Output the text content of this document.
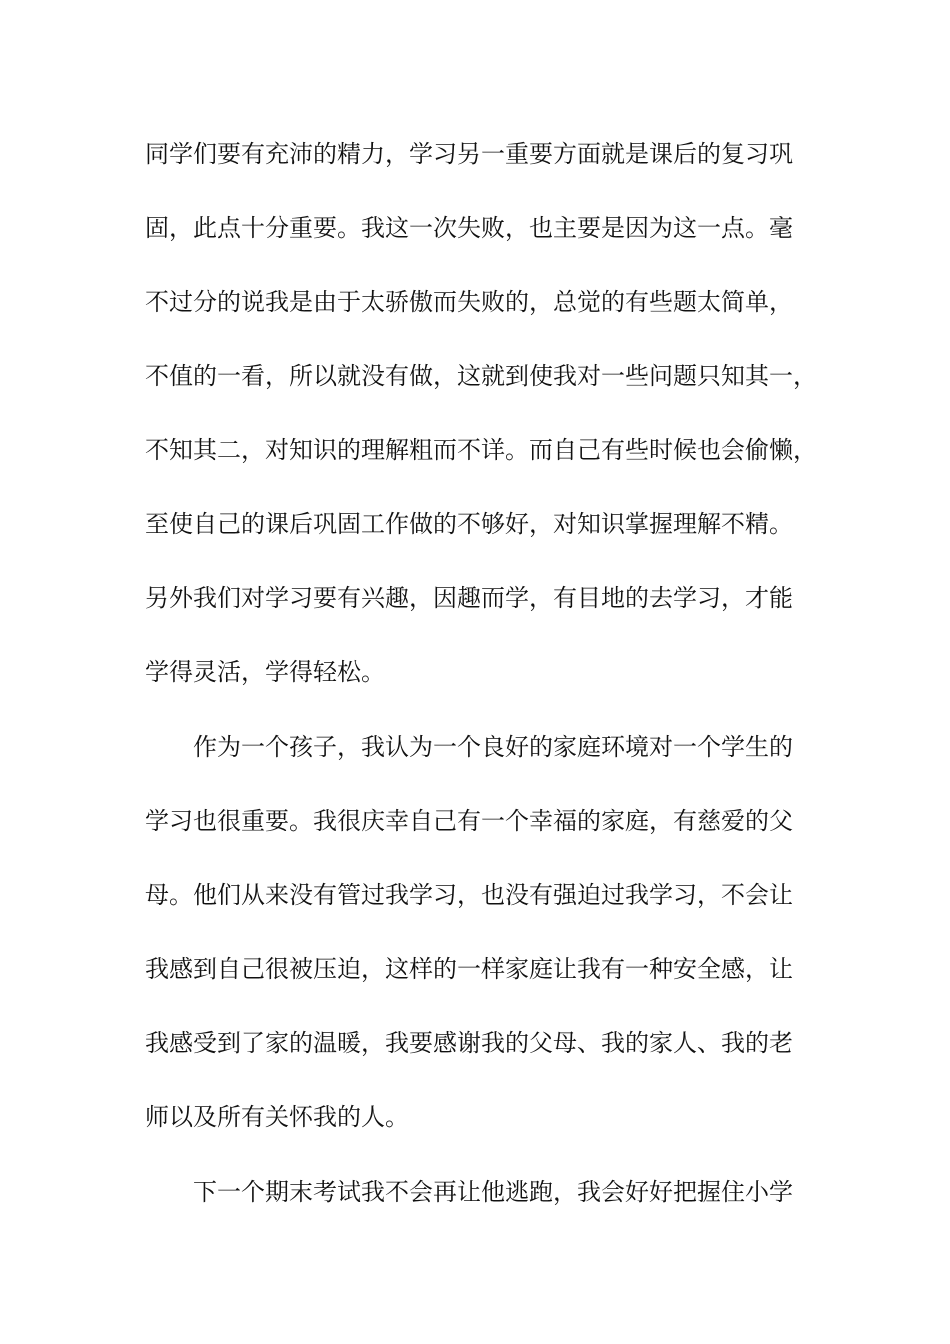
同学们要有充沛的精力，学习另一重要方面就是课后的复习巩
固，此点十分重要。我这一次失败，也主要是因为这一点。毫
不过分的说我是由于太骄傲而失败的，总觉的有些题太简单，
不值的一看，所以就没有做，这就到使我对一些问题只知其一，
不知其二，对知识的理解粗而不详。而自己有些时候也会偷懒，
至使自己的课后巩固工作做的不够好，对知识掌握理解不精。
另外我们对学习要有兴趣，因趣而学，有目地的去学习，才能
学得灵活，学得轻松。
作为一个孩子，我认为一个良好的家庭环境对一个学生的
学习也很重要。我很庆幸自己有一个幸福的家庭，有慈爱的父
母。他们从来没有管过我学习，也没有强迫过我学习，不会让
我感到自己很被压迫，这样的一样家庭让我有一种安全感，让
我感受到了家的温暖，我要感谢我的父母、我的家人、我的老
师以及所有关怀我的人。
下一个期末考试我不会再让他逃跑，我会好好把握住小学
